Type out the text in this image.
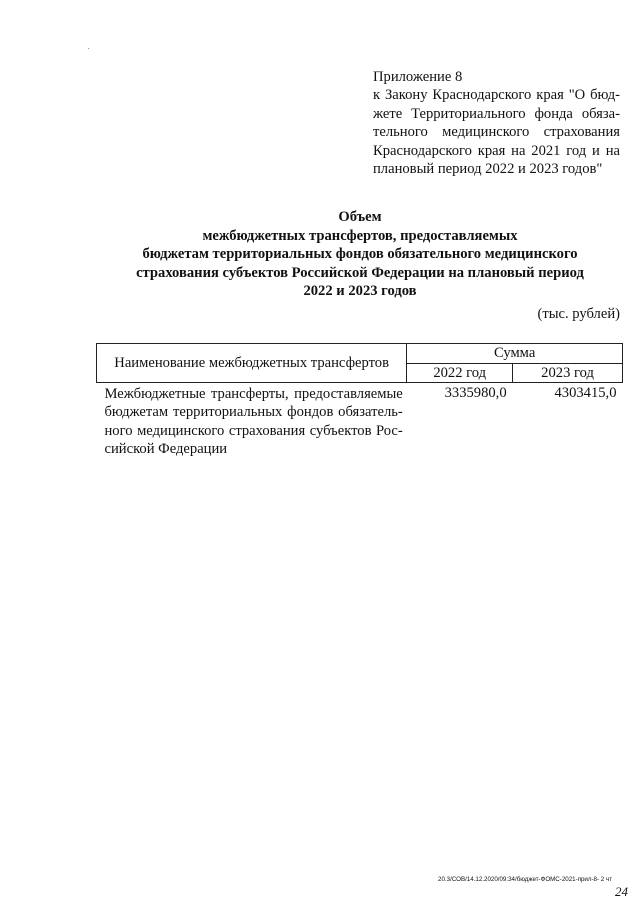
Приложение 8
к Закону Краснодарского края "О бюд-
жете Территориального фонда обяза-
тельного медицинского страхования
Краснодарского края на 2021 год и на
плановый период 2022 и 2023 годов"
Объем
межбюджетных трансфертов, предоставляемых
бюджетам территориальных фондов обязательного медицинского
страхования субъектов Российской Федерации на плановый период
2022 и 2023 годов
(тыс. рублей)
Наименование межбюджетных трансфертов	Сумма	
	2022 год	2023 год

Межбюджетные трансферты, предоставляемые
бюджетам территориальных фондов обязатель-
ного медицинского страхования субъектов Рос-
сийской Федерации	3335980,0	4303415,0
20.3/СОВ/14.12.2020/09:34/бюджет-ФОМС-2021-прил-8- 2 чт
24
